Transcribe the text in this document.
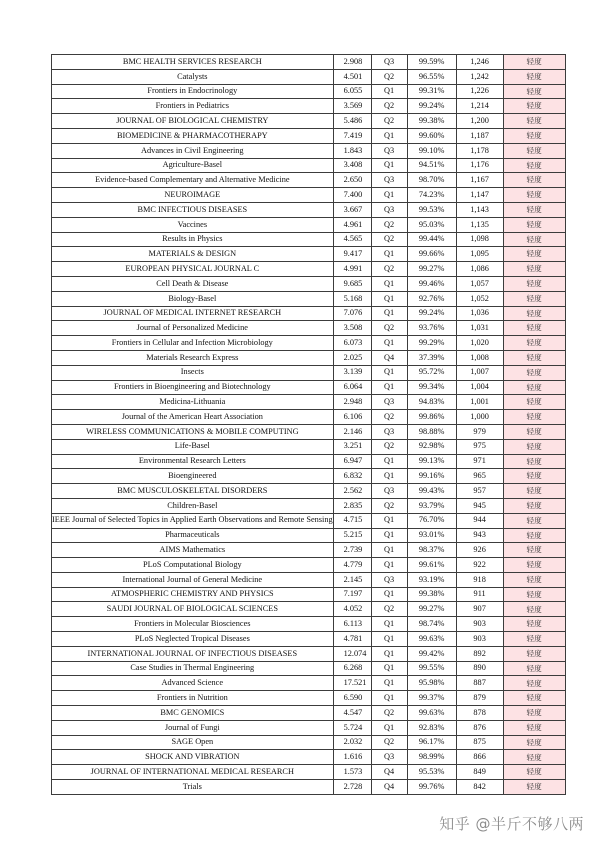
BMC HEALTH SERVICES RESEARCH	2.908	Q3	99.59%	1,246	轻度
Catalysts	4.501	Q2	96.55%	1,242	轻度
Frontiers in Endocrinology	6.055	Q1	99.31%	1,226	轻度
Frontiers in Pediatrics	3.569	Q2	99.24%	1,214	轻度
JOURNAL OF BIOLOGICAL CHEMISTRY	5.486	Q2	99.38%	1,200	轻度
BIOMEDICINE & PHARMACOTHERAPY	7.419	Q1	99.60%	1,187	轻度
Advances in Civil Engineering	1.843	Q3	99.10%	1,178	轻度
Agriculture-Basel	3.408	Q1	94.51%	1,176	轻度
Evidence-based Complementary and Alternative Medicine	2.650	Q3	98.70%	1,167	轻度
NEUROIMAGE	7.400	Q1	74.23%	1,147	轻度
BMC INFECTIOUS DISEASES	3.667	Q3	99.53%	1,143	轻度
Vaccines	4.961	Q2	95.03%	1,135	轻度
Results in Physics	4.565	Q2	99.44%	1,098	轻度
MATERIALS & DESIGN	9.417	Q1	99.66%	1,095	轻度
EUROPEAN PHYSICAL JOURNAL C	4.991	Q2	99.27%	1,086	轻度
Cell Death & Disease	9.685	Q1	99.46%	1,057	轻度
Biology-Basel	5.168	Q1	92.76%	1,052	轻度
JOURNAL OF MEDICAL INTERNET RESEARCH	7.076	Q1	99.24%	1,036	轻度
Journal of Personalized Medicine	3.508	Q2	93.76%	1,031	轻度
Frontiers in Cellular and Infection Microbiology	6.073	Q1	99.29%	1,020	轻度
Materials Research Express	2.025	Q4	37.39%	1,008	轻度
Insects	3.139	Q1	95.72%	1,007	轻度
Frontiers in Bioengineering and Biotechnology	6.064	Q1	99.34%	1,004	轻度
Medicina-Lithuania	2.948	Q3	94.83%	1,001	轻度
Journal of the American Heart Association	6.106	Q2	99.86%	1,000	轻度
WIRELESS COMMUNICATIONS & MOBILE COMPUTING	2.146	Q3	98.88%	979	轻度
Life-Basel	3.251	Q2	92.98%	975	轻度
Environmental Research Letters	6.947	Q1	99.13%	971	轻度
Bioengineered	6.832	Q1	99.16%	965	轻度
BMC MUSCULOSKELETAL DISORDERS	2.562	Q3	99.43%	957	轻度
Children-Basel	2.835	Q2	93.79%	945	轻度
IEEE Journal of Selected Topics in Applied Earth Observations and Remote Sensing	4.715	Q1	76.70%	944	轻度
Pharmaceuticals	5.215	Q1	93.01%	943	轻度
AIMS Mathematics	2.739	Q1	98.37%	926	轻度
PLoS Computational Biology	4.779	Q1	99.61%	922	轻度
International Journal of General Medicine	2.145	Q3	93.19%	918	轻度
ATMOSPHERIC CHEMISTRY AND PHYSICS	7.197	Q1	99.38%	911	轻度
SAUDI JOURNAL OF BIOLOGICAL SCIENCES	4.052	Q2	99.27%	907	轻度
Frontiers in Molecular Biosciences	6.113	Q1	98.74%	903	轻度
PLoS Neglected Tropical Diseases	4.781	Q1	99.63%	903	轻度
INTERNATIONAL JOURNAL OF INFECTIOUS DISEASES	12.074	Q1	99.42%	892	轻度
Case Studies in Thermal Engineering	6.268	Q1	99.55%	890	轻度
Advanced Science	17.521	Q1	95.98%	887	轻度
Frontiers in Nutrition	6.590	Q1	99.37%	879	轻度
BMC GENOMICS	4.547	Q2	99.63%	878	轻度
Journal of Fungi	5.724	Q1	92.83%	876	轻度
SAGE Open	2.032	Q2	96.17%	875	轻度
SHOCK AND VIBRATION	1.616	Q3	98.99%	866	轻度
JOURNAL OF INTERNATIONAL MEDICAL RESEARCH	1.573	Q4	95.53%	849	轻度
Trials	2.728	Q4	99.76%	842	轻度
知乎 @半斤不够八两
